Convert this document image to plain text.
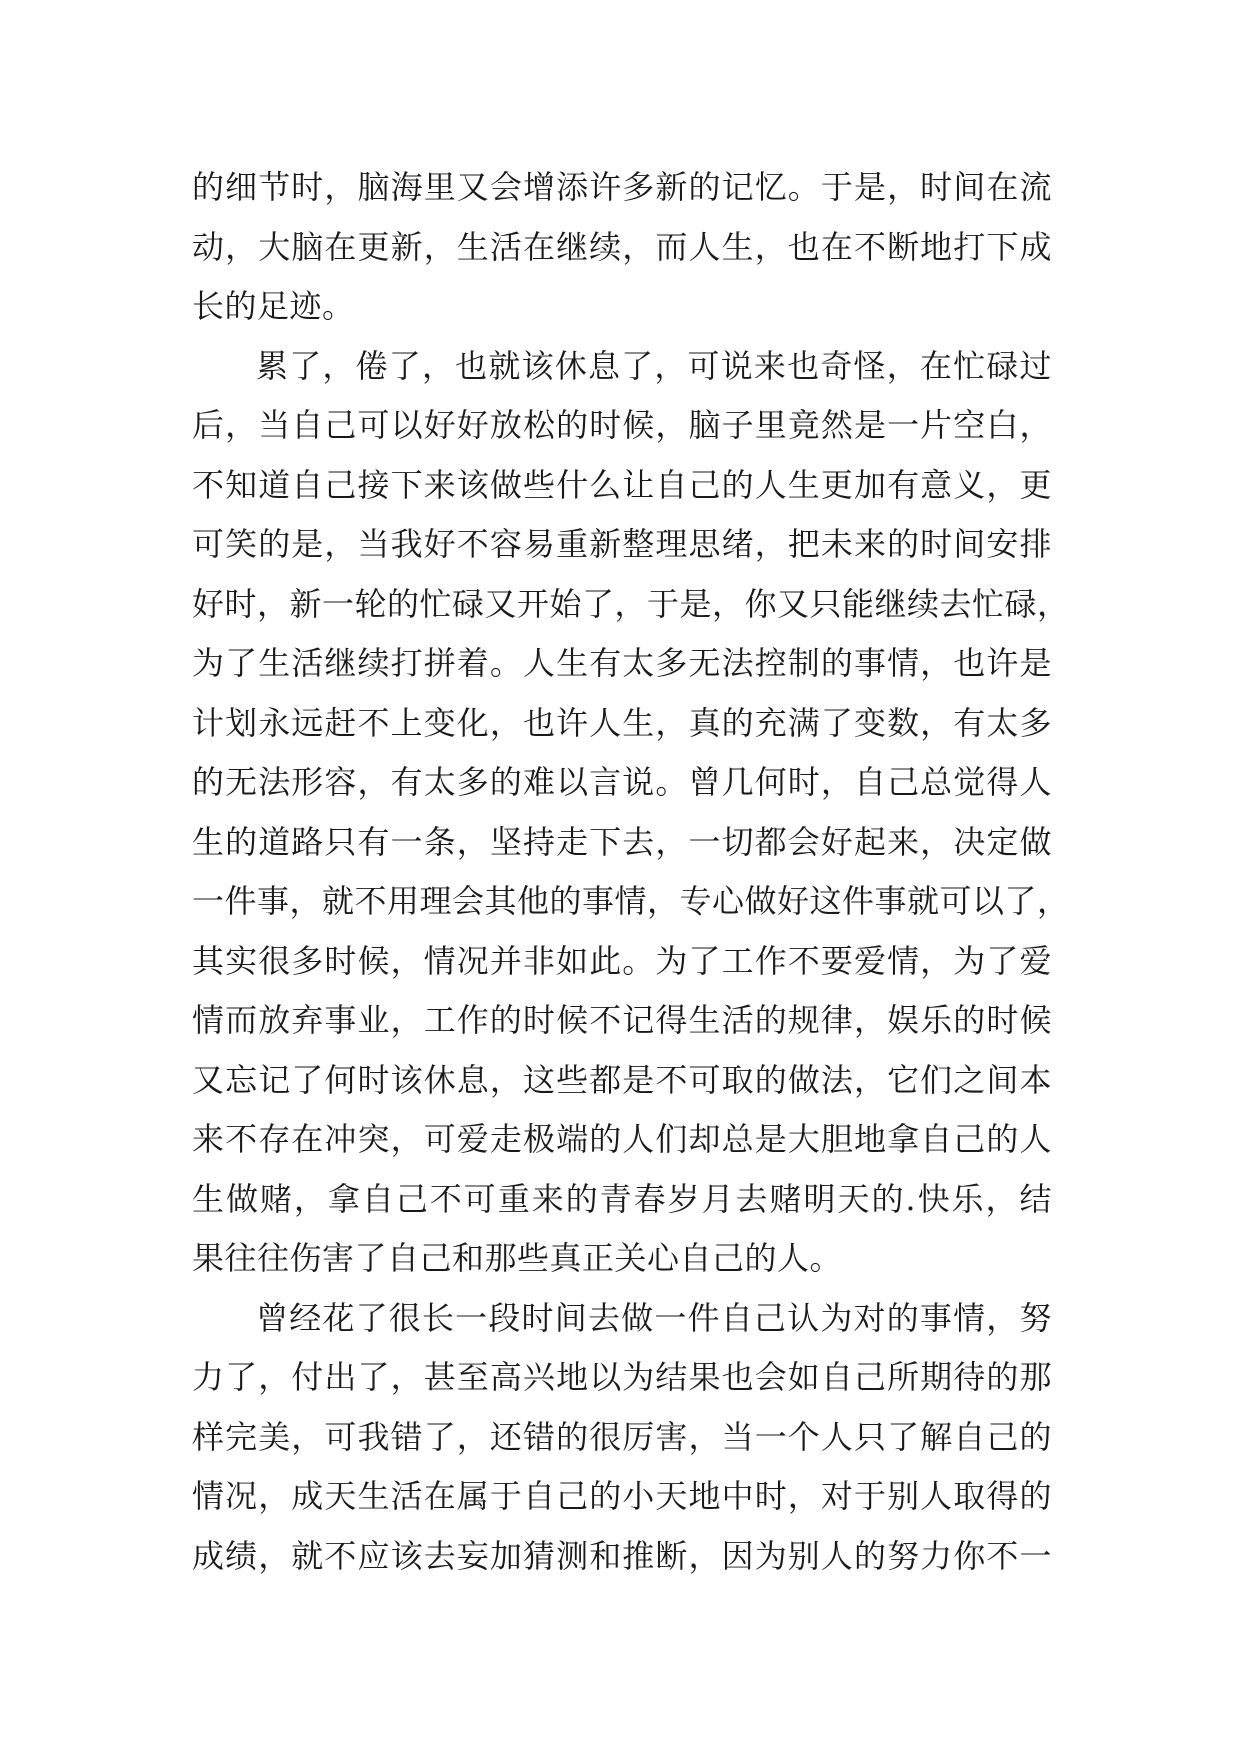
的细节时，脑海里又会增添许多新的记忆。于是，时间在流
动，大脑在更新，生活在继续，而人生，也在不断地打下成
长的足迹。
累了，倦了，也就该休息了，可说来也奇怪，在忙碌过
后，当自己可以好好放松的时候，脑子里竟然是一片空白，
不知道自己接下来该做些什么让自己的人生更加有意义，更
可笑的是，当我好不容易重新整理思绪，把未来的时间安排
好时，新一轮的忙碌又开始了，于是，你又只能继续去忙碌，
为了生活继续打拼着。人生有太多无法控制的事情，也许是
计划永远赶不上变化，也许人生，真的充满了变数，有太多
的无法形容，有太多的难以言说。曾几何时，自己总觉得人
生的道路只有一条，坚持走下去，一切都会好起来，决定做
一件事，就不用理会其他的事情，专心做好这件事就可以了，
其实很多时候，情况并非如此。为了工作不要爱情，为了爱
情而放弃事业，工作的时候不记得生活的规律，娱乐的时候
又忘记了何时该休息，这些都是不可取的做法，它们之间本
来不存在冲突，可爱走极端的人们却总是大胆地拿自己的人
生做赌，拿自己不可重来的青春岁月去赌明天的.快乐，结
果往往伤害了自己和那些真正关心自己的人。
曾经花了很长一段时间去做一件自己认为对的事情，努
力了，付出了，甚至高兴地以为结果也会如自己所期待的那
样完美，可我错了，还错的很厉害，当一个人只了解自己的
情况，成天生活在属于自己的小天地中时，对于别人取得的
成绩，就不应该去妄加猜测和推断，因为别人的努力你不一
